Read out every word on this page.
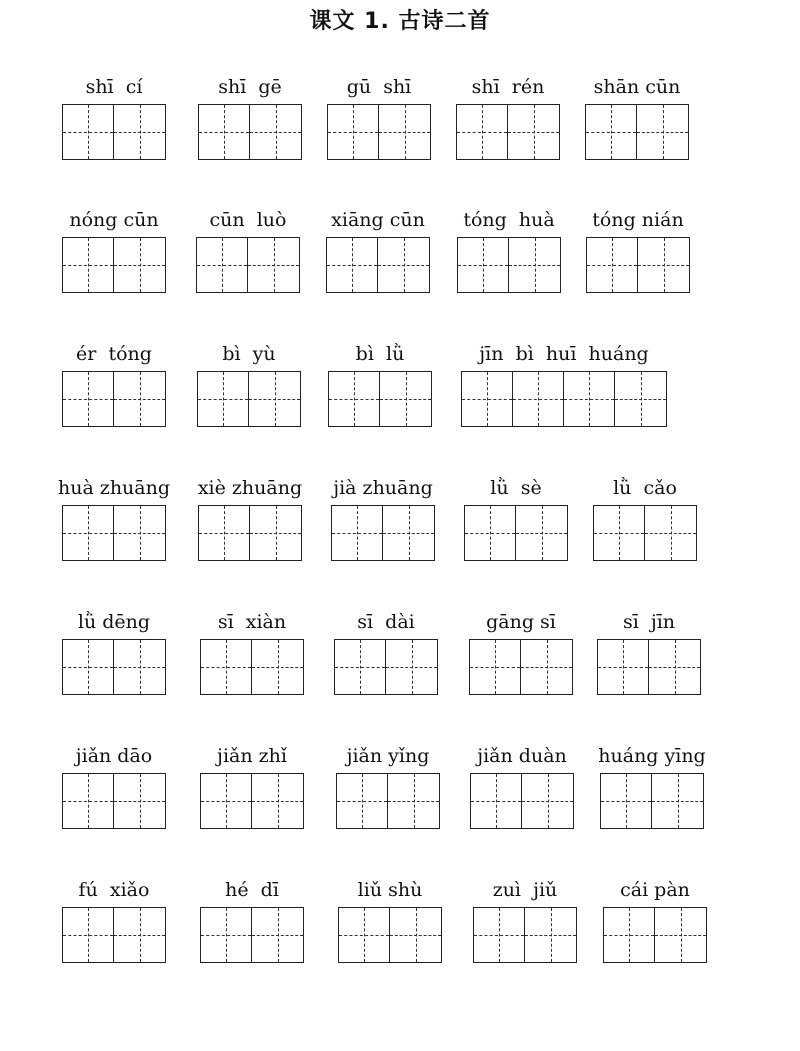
课文 1. 古诗二首
shī  cí	shī  gē	gū  shī	shī  rén	shān cūn
nóng cūn	cūn  luò	xiāng cūn	tóng  huà	tóng nián
ér  tóng	bì  yù	bì  lǜ	jīn  bì  huī  huáng
huà zhuāng	xiè zhuāng	jià zhuāng	lǜ  sè	lǜ  cǎo
lǜ dēng	sī  xiàn	sī  dài	gāng sī	sī  jīn
jiǎn dāo	jiǎn zhǐ	jiǎn yǐng	jiǎn duàn	huáng yīng
fú  xiǎo	hé  dī	liǔ shù	zuì  jiǔ	cái pàn
